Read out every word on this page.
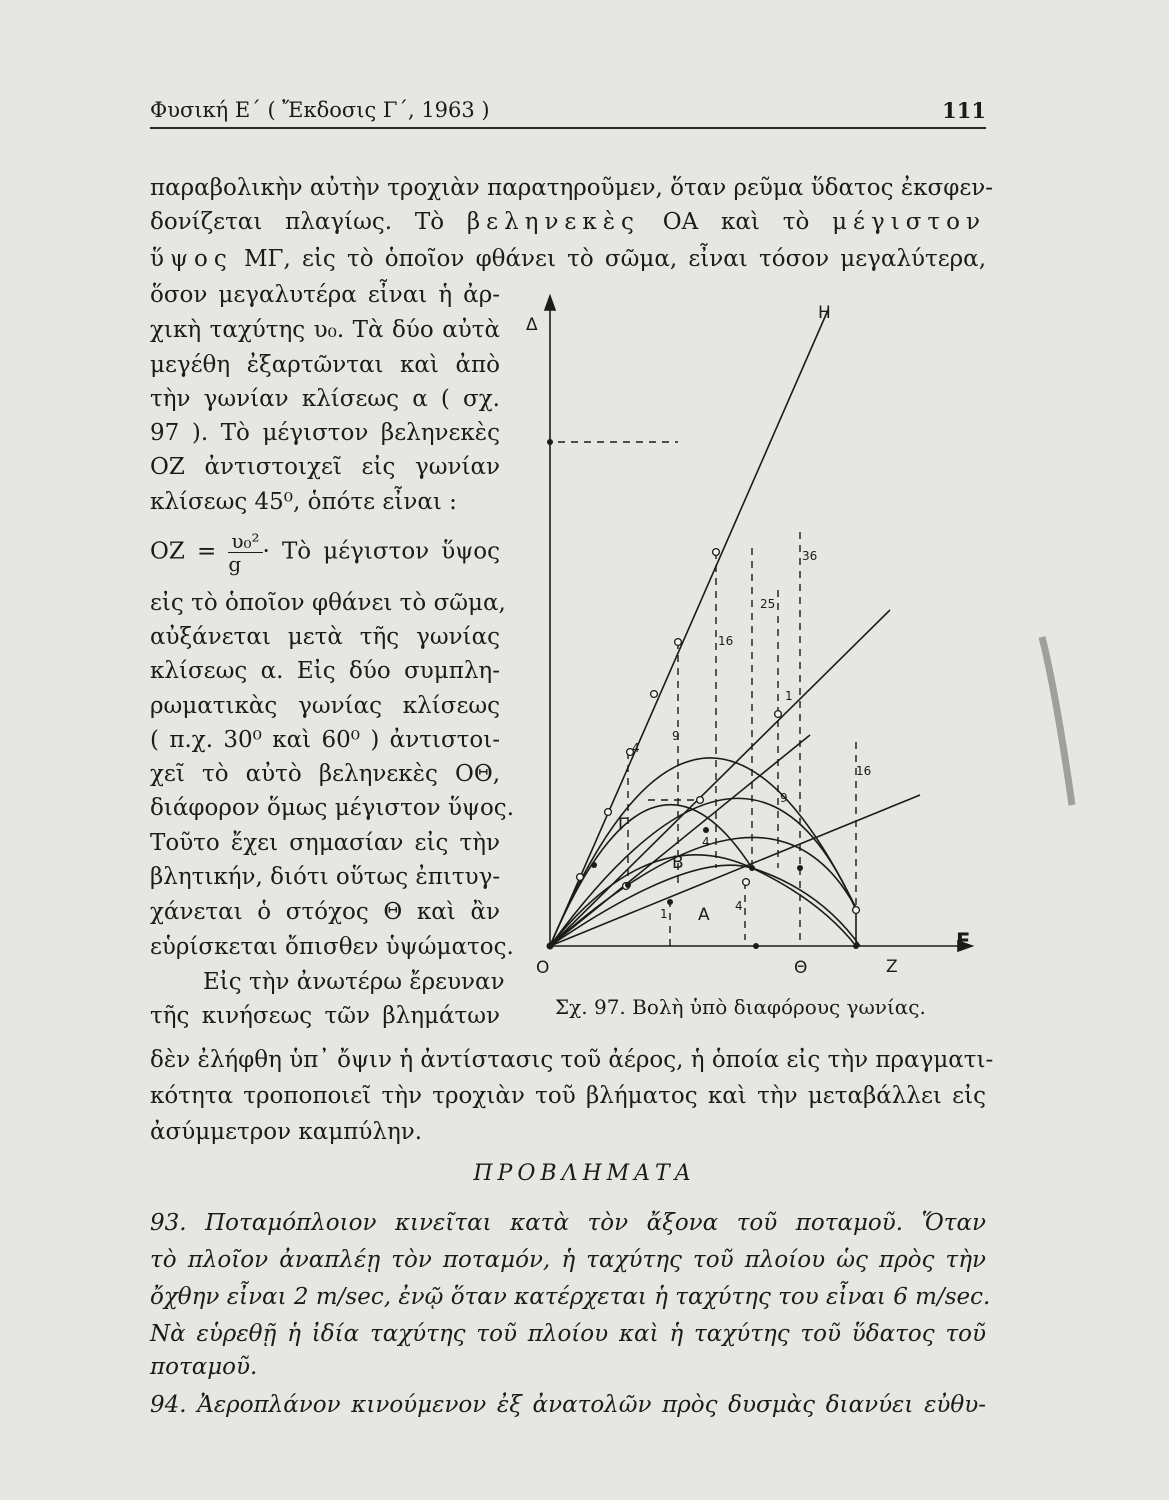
Φυσική Ε΄ ( Ἔκδοσις Γ΄, 1963 )	111
παραβολικὴν αὐτὴν τροχιὰν παρατηροῦμεν, ὅταν ρεῦμα ὕδατος ἐκσφεν-
δονίζεται πλαγίως. Τὸ βεληνεκὲς ΟΑ καὶ τὸ μέγιστον
ὕψος ΜΓ, εἰς τὸ ὁποῖον φθάνει τὸ σῶμα, εἶναι τόσον μεγαλύτερα,
ὅσον μεγαλυτέρα εἶναι ἡ ἀρ-
χικὴ ταχύτης υ₀. Τὰ δύο αὐτὰ
μεγέθη ἐξαρτῶνται καὶ ἀπὸ
τὴν γωνίαν κλίσεως α ( σχ.
97 ). Τὸ μέγιστον βεληνεκὲς
ΟΖ ἀντιστοιχεῖ εἰς γωνίαν
κλίσεως 45⁰, ὁπότε εἶναι :
$OZ = \frac{\text{υ₀²}}{g}$ · Τὸ μέγιστον ὕψος
εἰς τὸ ὁποῖον φθάνει τὸ σῶμα,
αὐξάνεται μετὰ τῆς γωνίας
κλίσεως α. Εἰς δύο συμπλη-
ρωματικὰς γωνίας κλίσεως
( π.χ. 30⁰ καὶ 60⁰ ) ἀντιστοι-
χεῖ τὸ αὐτὸ βεληνεκὲς ΟΘ,
διάφορον ὅμως μέγιστον ὕψος.
Τοῦτο ἔχει σημασίαν εἰς τὴν
βλητικήν, διότι οὕτως ἐπιτυγ-
χάνεται ὁ στόχος Θ καὶ ἂν
εὑρίσκεται ὄπισθεν ὑψώματος.
Εἰς τὴν ἀνωτέρω ἔρευναν
τῆς κινήσεως τῶν βλημάτων
δὲν ἐλήφθη ὑπ᾿ ὄψιν ἡ ἀντίστασις τοῦ ἀέρος, ἡ ὁποία εἰς τὴν πραγματι-
κότητα τροποποιεῖ τὴν τροχιὰν τοῦ βλήματος καὶ τὴν μεταβάλλει εἰς
ἀσύμμετρον καμπύλην.
ΠΡΟΒΛΗΜΑΤΑ
93. Ποταμόπλοιον κινεῖται κατὰ τὸν ἄξονα τοῦ ποταμοῦ. Ὅταν
τὸ πλοῖον ἀναπλέῃ τὸν ποταμόν, ἡ ταχύτης τοῦ πλοίου ὡς πρὸς τὴν
ὄχθην εἶναι 2 m/sec, ἐνῷ ὅταν κατέρχεται ἡ ταχύτης του εἶναι 6 m/sec.
Νὰ εὑρεθῇ ἡ ἰδία ταχύτης τοῦ πλοίου καὶ ἡ ταχύτης τοῦ ὕδατος τοῦ
ποταμοῦ.
94. Ἀεροπλάνον κινούμενον ἐξ ἀνατολῶν πρὸς δυσμὰς διανύει εὐθυ-
Δ
Η
Γ
Β
Α
Ο	Θ	Ζ
Ε
1
4
9
16
25
36
4
9
16
1
4
Σχ. 97. Βολὴ ὑπὸ διαφόρους γωνίας.
